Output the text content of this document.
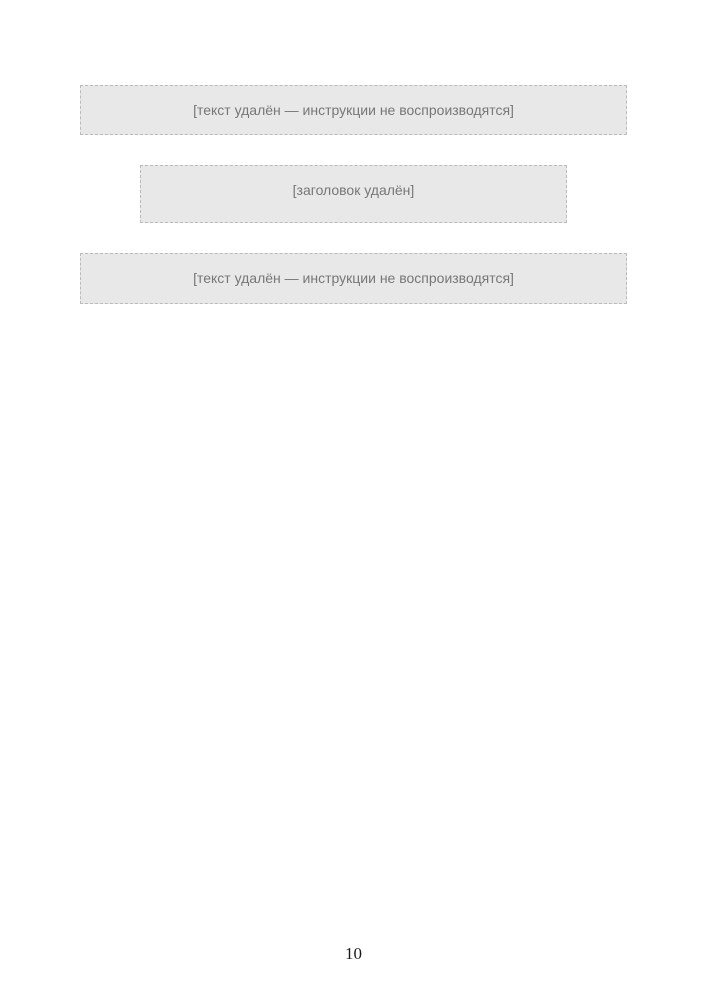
[текст удалён — инструкции не воспроизводятся]
[заголовок удалён]
[текст удалён — инструкции не воспроизводятся]
10
